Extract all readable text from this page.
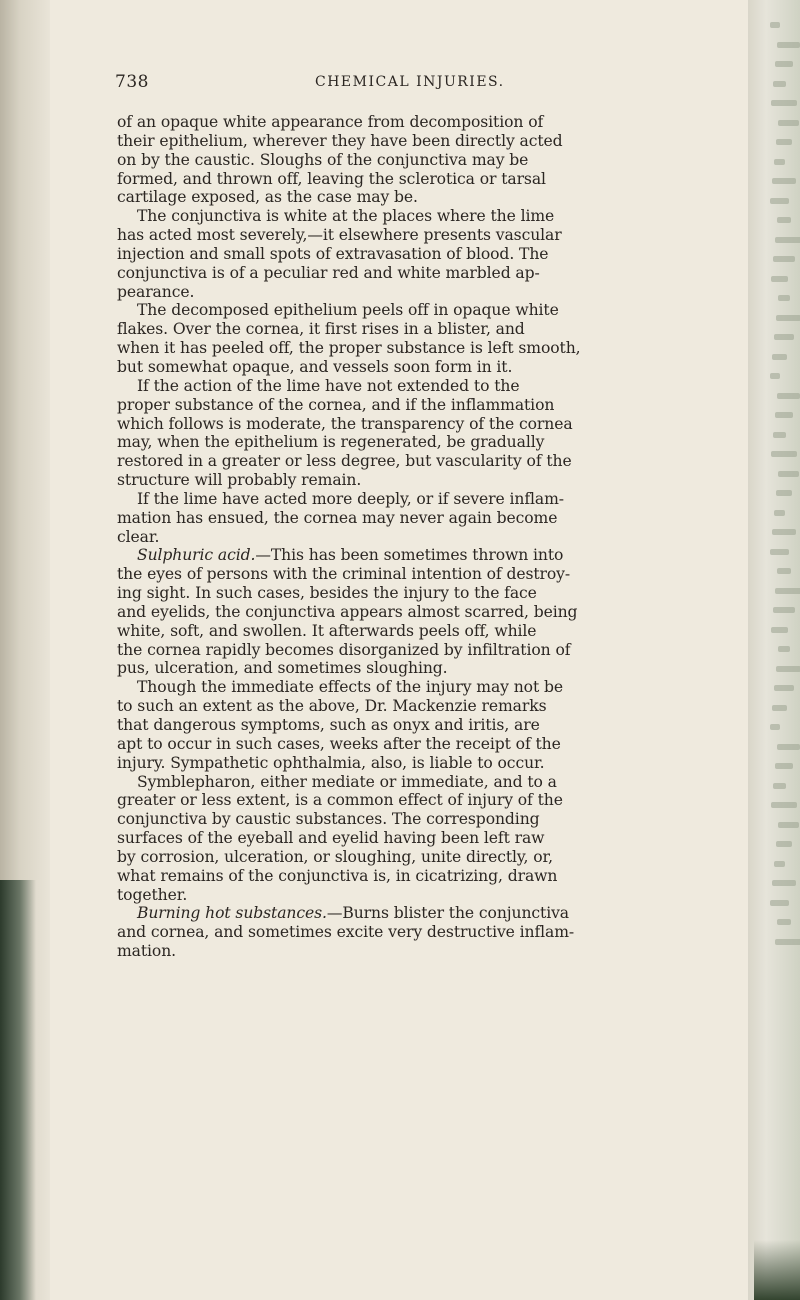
738	CHEMICAL INJURIES.
of an opaque white appearance from decomposition of
their epithelium, wherever they have been directly acted
on by the caustic. Sloughs of the conjunctiva may be
formed, and thrown off, leaving the sclerotica or tarsal
cartilage exposed, as the case may be.
The conjunctiva is white at the places where the lime
has acted most severely,—it elsewhere presents vascular
injection and small spots of extravasation of blood. The
conjunctiva is of a peculiar red and white marbled ap-
pearance.
The decomposed epithelium peels off in opaque white
flakes. Over the cornea, it first rises in a blister, and
when it has peeled off, the proper substance is left smooth,
but somewhat opaque, and vessels soon form in it.
If the action of the lime have not extended to the
proper substance of the cornea, and if the inflammation
which follows is moderate, the transparency of the cornea
may, when the epithelium is regenerated, be gradually
restored in a greater or less degree, but vascularity of the
structure will probably remain.
If the lime have acted more deeply, or if severe inflam-
mation has ensued, the cornea may never again become
clear.
Sulphuric acid.—This has been sometimes thrown into
the eyes of persons with the criminal intention of destroy-
ing sight. In such cases, besides the injury to the face
and eyelids, the conjunctiva appears almost scarred, being
white, soft, and swollen. It afterwards peels off, while
the cornea rapidly becomes disorganized by infiltration of
pus, ulceration, and sometimes sloughing.
Though the immediate effects of the injury may not be
to such an extent as the above, Dr. Mackenzie remarks
that dangerous symptoms, such as onyx and iritis, are
apt to occur in such cases, weeks after the receipt of the
injury. Sympathetic ophthalmia, also, is liable to occur.
Symblepharon, either mediate or immediate, and to a
greater or less extent, is a common effect of injury of the
conjunctiva by caustic substances. The corresponding
surfaces of the eyeball and eyelid having been left raw
by corrosion, ulceration, or sloughing, unite directly, or,
what remains of the conjunctiva is, in cicatrizing, drawn
together.
Burning hot substances.—Burns blister the conjunctiva
and cornea, and sometimes excite very destructive inflam-
mation.
